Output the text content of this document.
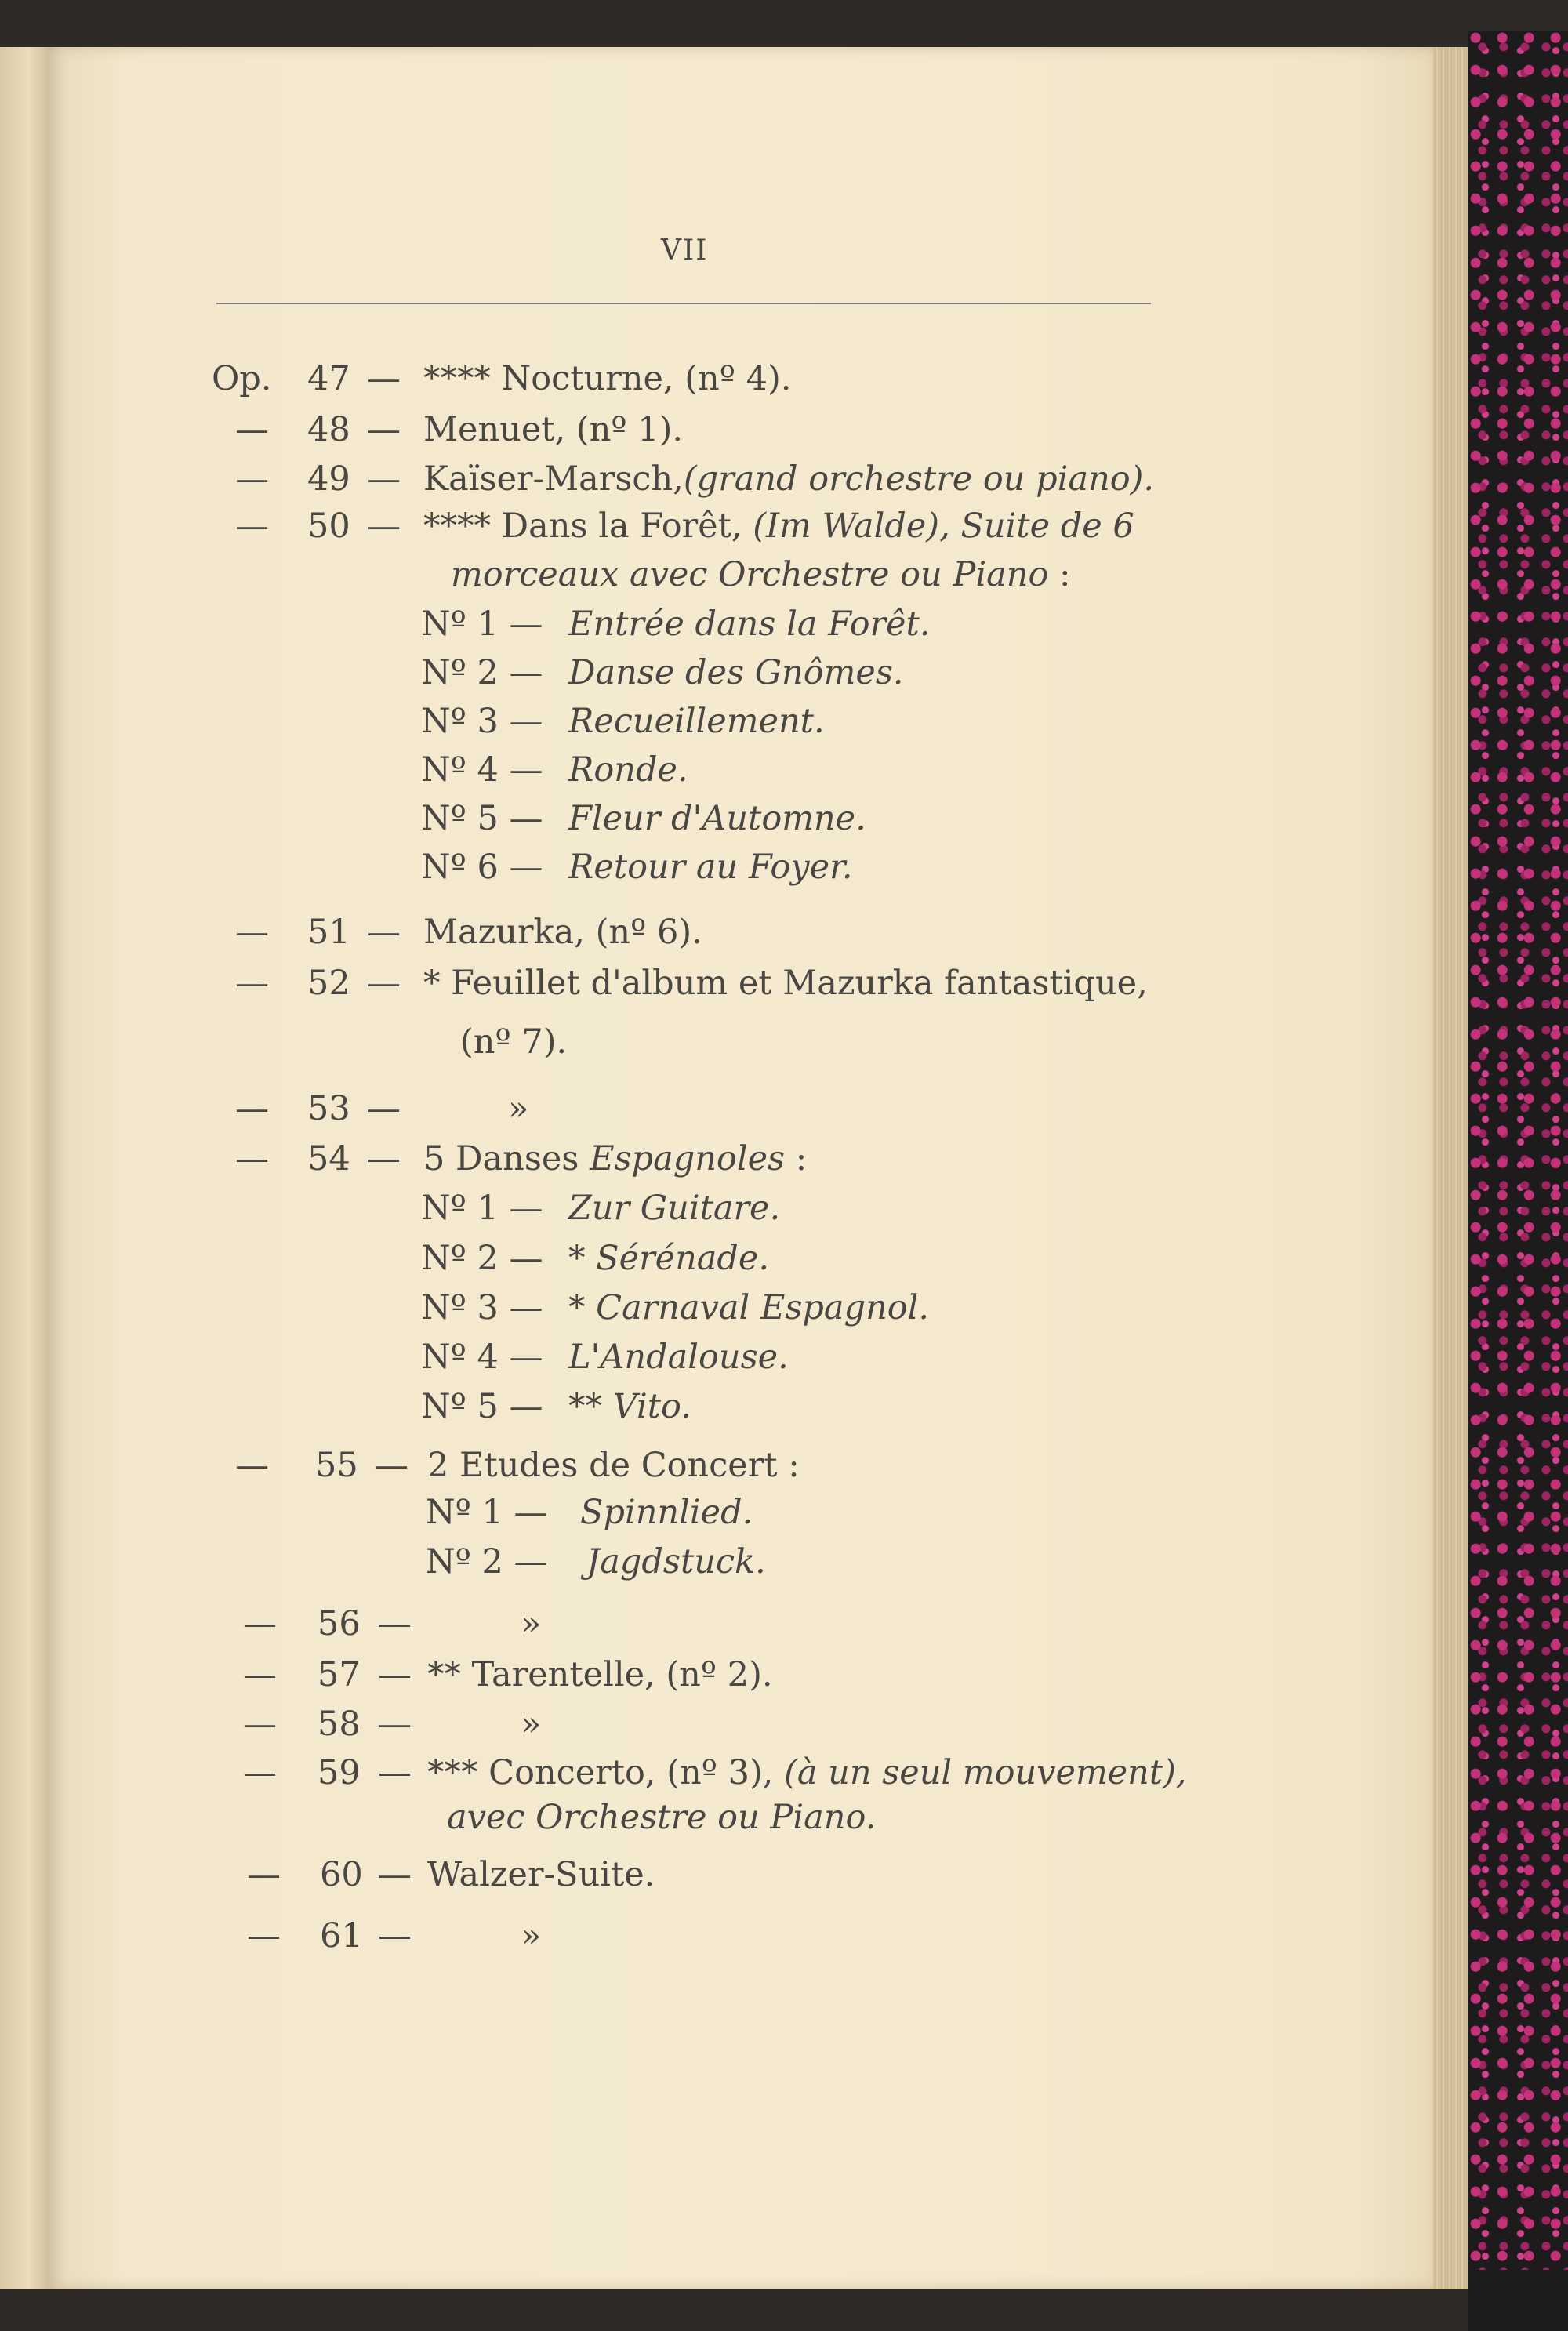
VII
Op. 47 — **** Nocturne, (nº 4).
— 48 — Menuet, (nº 1).
— 49 — Kaïser-Marsch,(grand orchestre ou piano).
— 50 — **** Dans la Forêt, (Im Walde), Suite de 6
morceaux avec Orchestre ou Piano :
Nº 1 — Entrée dans la Forêt.
Nº 2 — Danse des Gnômes.
Nº 3 — Recueillement.
Nº 4 — Ronde.
Nº 5 — Fleur d'Automne.
Nº 6 — Retour au Foyer.
— 51 — Mazurka, (nº 6).
— 52 — * Feuillet d'album et Mazurka fantastique,
(nº 7).
— 53 —	»
— 54 — 5 Danses Espagnoles :
Nº 1 — Zur Guitare.
Nº 2 — * Sérénade.
Nº 3 — * Carnaval Espagnol.
Nº 4 — L'Andalouse.
Nº 5 — ** Vito.
— 55 — 2 Etudes de Concert :
Nº 1 — Spinnlied.
Nº 2 — Jagdstuck.
— 56 —	»
— 57 — ** Tarentelle, (nº 2).
— 58 —	»
— 59 — *** Concerto, (nº 3), (à un seul mouvement),
avec Orchestre ou Piano.
— 60 — Walzer-Suite.
— 61 —	»
